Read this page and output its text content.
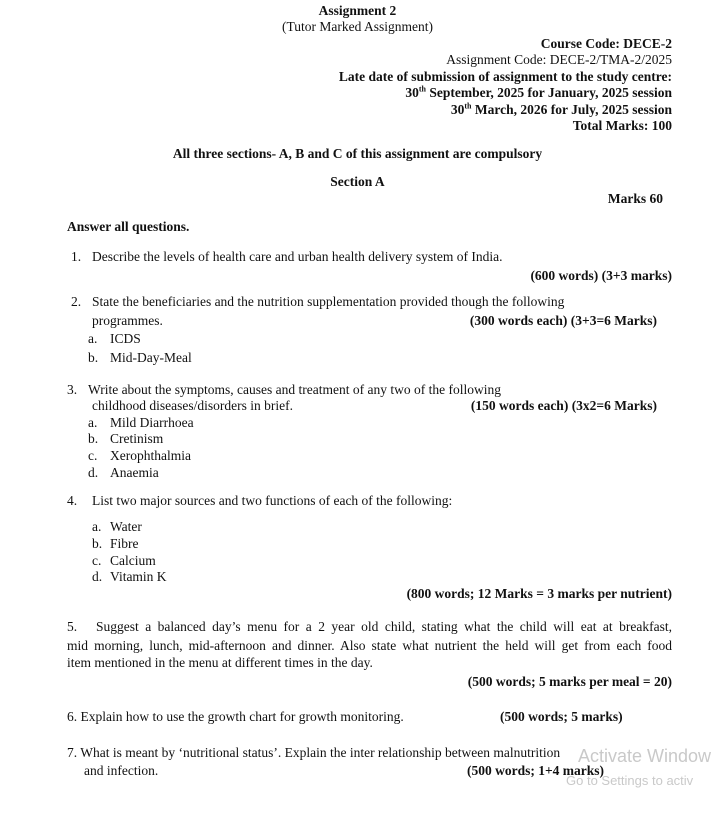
Assignment 2
(Tutor Marked Assignment)
Course Code: DECE-2
Assignment Code: DECE-2/TMA-2/2025
Late date of submission of assignment to the study centre:
30th September, 2025 for January, 2025 session
30th March, 2026 for July, 2025 session
Total Marks: 100
All three sections- A, B and C of this assignment are compulsory
Section A
Marks 60
Answer all questions.
1. Describe the levels of health care and urban health delivery system of India.
(600 words) (3+3 marks)
2. State the beneficiaries and the nutrition supplementation provided though the following
programmes.	(300 words each) (3+3=6 Marks)
a. ICDS
b. Mid-Day-Meal
3. Write about the symptoms, causes and treatment of any two of the following
childhood diseases/disorders in brief.	(150 words each) (3x2=6 Marks)
a. Mild Diarrhoea
b. Cretinism
c. Xerophthalmia
d. Anaemia
4. List two major sources and two functions of each of the following:
a. Water
b. Fibre
c. Calcium
d. Vitamin K
(800 words; 12 Marks = 3 marks per nutrient)
5. Suggest a balanced day’s menu for a 2 year old child, stating what the child will eat at breakfast,
mid morning, lunch, mid-afternoon and dinner. Also state what nutrient the held will get from each food
item mentioned in the menu at different times in the day.
(500 words; 5 marks per meal = 20)
6. Explain how to use the growth chart for growth monitoring.	(500 words; 5 marks)
7. What is meant by ‘nutritional status’. Explain the inter relationship between malnutrition
and infection.	(500 words; 1+4 marks)
Activate Window
Go to Settings to activ
